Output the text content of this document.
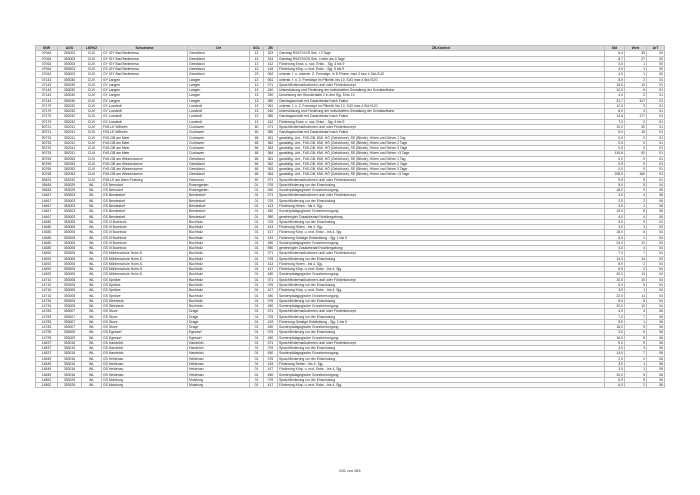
SNR	AGS	LKRKZ	Schulname	Ort	SGL	ZB	ZB-Klartext	Std	Wert	ArT
07064	353003	CUX	GY IGY Bad Bederkesa	Geestland	13	323	Ganztag RS/GY/IGS Sek. I 3 Tage	6,4	35	00
07064	353003	CUX	GY IGY Bad Bederkesa	Geestland	13	324	Ganztag RS/GY/IGS Sek. I mehr als 3 Tage	8,7	27	00
07064	353003	CUX	GY IGY Bad Bederkesa	Geestland	13	412	Förderung Emot. u. soz. Entw. - Sjg. 5 bis 9	3,5	1	00
07064	353003	CUX	GY IGY Bad Bederkesa	Geestland	13	418	Förderung Körp. u. mot. Entw. - Sjg. 5 bis 9	4,0	1	00
07064	353003	CUX	GY IGY Bad Bederkesa	Geestland	23	062	unterstr. f. o. unterstr. Z. Fremdspr. in E-Phase: max 3 bzw 4 Std./SJG	4,0	1	00
07143	353030	CUX	GY Langen	Langen	13	061	unterstr. f. o. 2. Fremdspr im Pflichtb. bis 10. SJG max 4 Std./SJG	8,0	2	01
07143	353030	CUX	GY Langen	Langen	13	071	Sprachfördermaßnahmen und/ oder Förderkonzept	15,0	10	01
07143	353030	CUX	GY Langen	Langen	13	240	Unterstützung und Förderung der individuellen Gestaltung der Schullaufbahn	12,0	6	01
07143	353030	CUX	GY Langen	Langen	13	250	Umsetzung der Stundentafel 2 in den Sjg. 5 bis 10	4,0	2	01
07143	353030	CUX	GY Langen	Langen	13	380	Ganztagsschule mit Zusatzbedarf nach Faktor	31,7	317	01
07179	352032	CUX	GY Loxstedt	Loxstedt	13	061	unterstr. f. o. 2. Fremdspr im Pflichtb. bis 10. SJG max 4 Std./SJG	12,0	3	01
07179	352032	CUX	GY Loxstedt	Loxstedt	13	240	Unterstützung und Förderung der individuellen Gestaltung der Schullaufbahn	8,0	4	01
07179	352032	CUX	GY Loxstedt	Loxstedt	13	380	Ganztagsschule mit Zusatzbedarf nach Faktor	14,6	177	01
07179	352032	CUX	GY Loxstedt	Loxstedt	13	412	Förderung Emot. u. soz. Entw. - Sjg. 5 bis 9	7,0	2	01
50721	352011	CUX	FöS-LE Wilhelm	Cuxhaven	60	071	Sprachfördermaßnahmen und/ oder Förderkonzept	10,0	30	01
50721	352011	CUX	FöS-LE Wilhelm	Cuxhaven	60	380	Ganztagsschule mit Zusatzbedarf nach Faktor	5,0	16	01
50733	352011	CUX	FöS-GB am Meer	Cuxhaven	65	361	ganztätig. Unt., FöS-GB, KMI, HÖ (Gehörlose), SE (Blinde), Hören und Sehen 1 Tag	0,0	0	01
50733	352011	CUX	FöS-GB am Meer	Cuxhaven	65	362	ganztätig. Unt., FöS-GB, KMI, HÖ (Gehörlose), SE (Blinde), Hören und Sehen 2 Tage	0,0	0	01
50733	352011	CUX	FöS-GB am Meer	Cuxhaven	65	363	ganztätig. Unt., FöS-GB, KMI, HÖ (Gehörlose), SE (Blinde), Hören und Sehen 3 Tage	0,0	0	01
50733	352011	CUX	FöS-GB am Meer	Cuxhaven	65	364	ganztätig. Unt., FöS-GB, KMI, HÖ (Gehörlose), SE (Blinde), Hören und Sehen >3 Tage	119,6	92	01
50769	352053	CUX	FöS-GB am Wiesendamm	Geestland	65	361	ganztätig. Unt., FöS-GB, KMI, HÖ (Gehörlose), SE (Blinde), Hören und Sehen 1 Tag	0,0	0	01
50769	352053	CUX	FöS-GB am Wiesendamm	Geestland	65	362	ganztätig. Unt., FöS-GB, KMI, HÖ (Gehörlose), SE (Blinde), Hören und Sehen 2 Tage	0,0	0	01
50769	352053	CUX	FöS-GB am Wiesendamm	Geestland	65	363	ganztätig. Unt., FöS-GB, KMI, HÖ (Gehörlose), SE (Blinde), Hören und Sehen 3 Tage	0,0	0	01
50769	352053	CUX	FöS-GB am Wiesendamm	Geestland	65	364	ganztätig. Unt., FöS-GB, KMI, HÖ (Gehörlose), SE (Blinde), Hören und Sehen >3 Tage	208,0	160	01
50824	352032	CUX	FöS-LE am Alten Postweg	Hemmoor	60	071	Sprachfördermaßnahmen und/ oder Förderkonzept	5,0	5	01
05484	353029	WL	GS Nenndorf	Rosengarten	01	076	Sprachförderung vor der Einschulung	5,0	5	04
05484	353029	WL	GS Nenndorf	Rosengarten	01	450	Sonderpädagogische Grundversorgung	18,0	9	05
14667	353003	WL	GS Bendestorf	Bendestorf	01	071	Sprachfördermaßnahmen und/ oder Förderkonzept	4,0	4	06
14667	353003	WL	GS Bendestorf	Bendestorf	01	076	Sprachförderung vor der Einschulung	2,0	2	06
14667	353003	WL	GS Bendestorf	Bendestorf	01	413	Förderung Hören - bis 4. Sjg.	3,0	1	06
14667	353003	WL	GS Bendestorf	Bendestorf	01	450	Sonderpädagogische Grundversorgung	15,0	8	06
14667	353003	WL	GS Bendestorf	Bendestorf	01	950	genehmigter Zusatzbedarf Hochbegabung	4,0	4	06
14680	353005	WL	GS III Buchholz	Buchholz	01	076	Sprachförderung vor der Einschulung	9,0	9	04
14680	353005	WL	GS III Buchholz	Buchholz	01	413	Förderung Hören - bis 4. Sjg.	3,0	1	04
14680	353005	WL	GS III Buchholz	Buchholz	01	417	Förderung Körp. u. mot. Entw. - bis 4. Sjg.	18,0	6	04
14680	353005	WL	GS III Buchholz	Buchholz	01	419	Förderung Geistige Entwicklung - Sjg. 1 bis 9	5,0	1	04
14680	353005	WL	GS III Buchholz	Buchholz	01	450	Sonderpädagogische Grundversorgung	24,0	12	04
14680	353005	WL	GS III Buchholz	Buchholz	01	950	genehmigter Zusatzbedarf Hochbegabung	4,0	4	04
14692	353005	WL	GS Mühlenschule Holm-S.	Buchholz	01	071	Sprachfördermaßnahmen und/ oder Förderkonzept	7,0	7	04
14692	353005	WL	GS Mühlenschule Holm-S.	Buchholz	01	076	Sprachförderung vor der Einschulung	14,0	14	04
14692	353005	WL	GS Mühlenschule Holm-S.	Buchholz	01	413	Förderung Hören - bis 4. Sjg.	6,0	2	04
14692	353005	WL	GS Mühlenschule Holm-S.	Buchholz	01	417	Förderung Körp. u. mot. Entw. - bis 4. Sjg.	6,0	2	04
14692	353005	WL	GS Mühlenschule Holm-S.	Buchholz	01	450	Sonderpädagogische Grundversorgung	26,0	13	04
14710	353005	WL	GS Sprötze	Buchholz	01	071	Sprachfördermaßnahmen und/ oder Förderkonzept	10,0	10	04
14710	353005	WL	GS Sprötze	Buchholz	01	076	Sprachförderung vor der Einschulung	5,0	5	04
14710	353005	WL	GS Sprötze	Buchholz	01	417	Förderung Körp. u. mot. Entw. - bis 4. Sjg.	3,0	1	04
14710	353005	WL	GS Sprötze	Buchholz	01	450	Sonderpädagogische Grundversorgung	22,0	11	04
14734	353005	WL	GS Steinbeck	Buchholz	01	076	Sprachförderung vor der Einschulung	8,0	8	04
14734	353005	WL	GS Steinbeck	Buchholz	01	450	Sonderpädagogische Grundversorgung	20,0	10	04
14783	353007	WL	GS Stove	Drage	01	071	Sprachfördermaßnahmen und/ oder Förderkonzept	4,0	4	06
14783	353007	WL	GS Stove	Drage	01	076	Sprachförderung vor der Einschulung	7,0	7	06
14783	353007	WL	GS Stove	Drage	01	419	Förderung Geistige Entwicklung - Sjg. 1 bis 9	5,0	1	06
14783	353007	WL	GS Stove	Drage	01	450	Sonderpädagogische Grundversorgung	18,0	9	06
14795	353009	WL	GS Egestorf	Egestorf	01	076	Sprachförderung vor der Einschulung	3,0	6	06
14795	353009	WL	GS Egestorf	Egestorf	01	450	Sonderpädagogische Grundversorgung	16,0	8	06
14837	353015	WL	GS Handeloh	Handeloh	01	071	Sprachfördermaßnahmen und/ oder Förderkonzept	9,0	9	06
14837	353015	WL	GS Handeloh	Handeloh	01	076	Sprachförderung vor der Einschulung	3,0	3	06
14837	353015	WL	GS Handeloh	Handeloh	01	450	Sonderpädagogische Grundversorgung	14,0	7	06
14849	353016	WL	GS Heidenau	Heidenau	01	076	Sprachförderung vor der Einschulung	2,0	2	06
14849	353016	WL	GS Heidenau	Heidenau	01	415	Förderung Sehen - bis 4. Sjg.	3,0	1	06
14849	353016	WL	GS Heidenau	Heidenau	01	417	Förderung Körp. u. mot. Entw. - bis 4. Sjg.	3,0	1	06
14849	353016	WL	GS Heidenau	Heidenau	01	450	Sonderpädagogische Grundversorgung	10,0	5	06
14862	353025	WL	GS Moisburg	Moisburg	01	076	Sprachförderung vor der Einschulung	6,0	6	06
14862	353025	WL	GS Moisburg	Moisburg	01	417	Förderung Körp. u. mot. Entw. - bis 4. Sjg.	6,0	2	06
226 von 851
